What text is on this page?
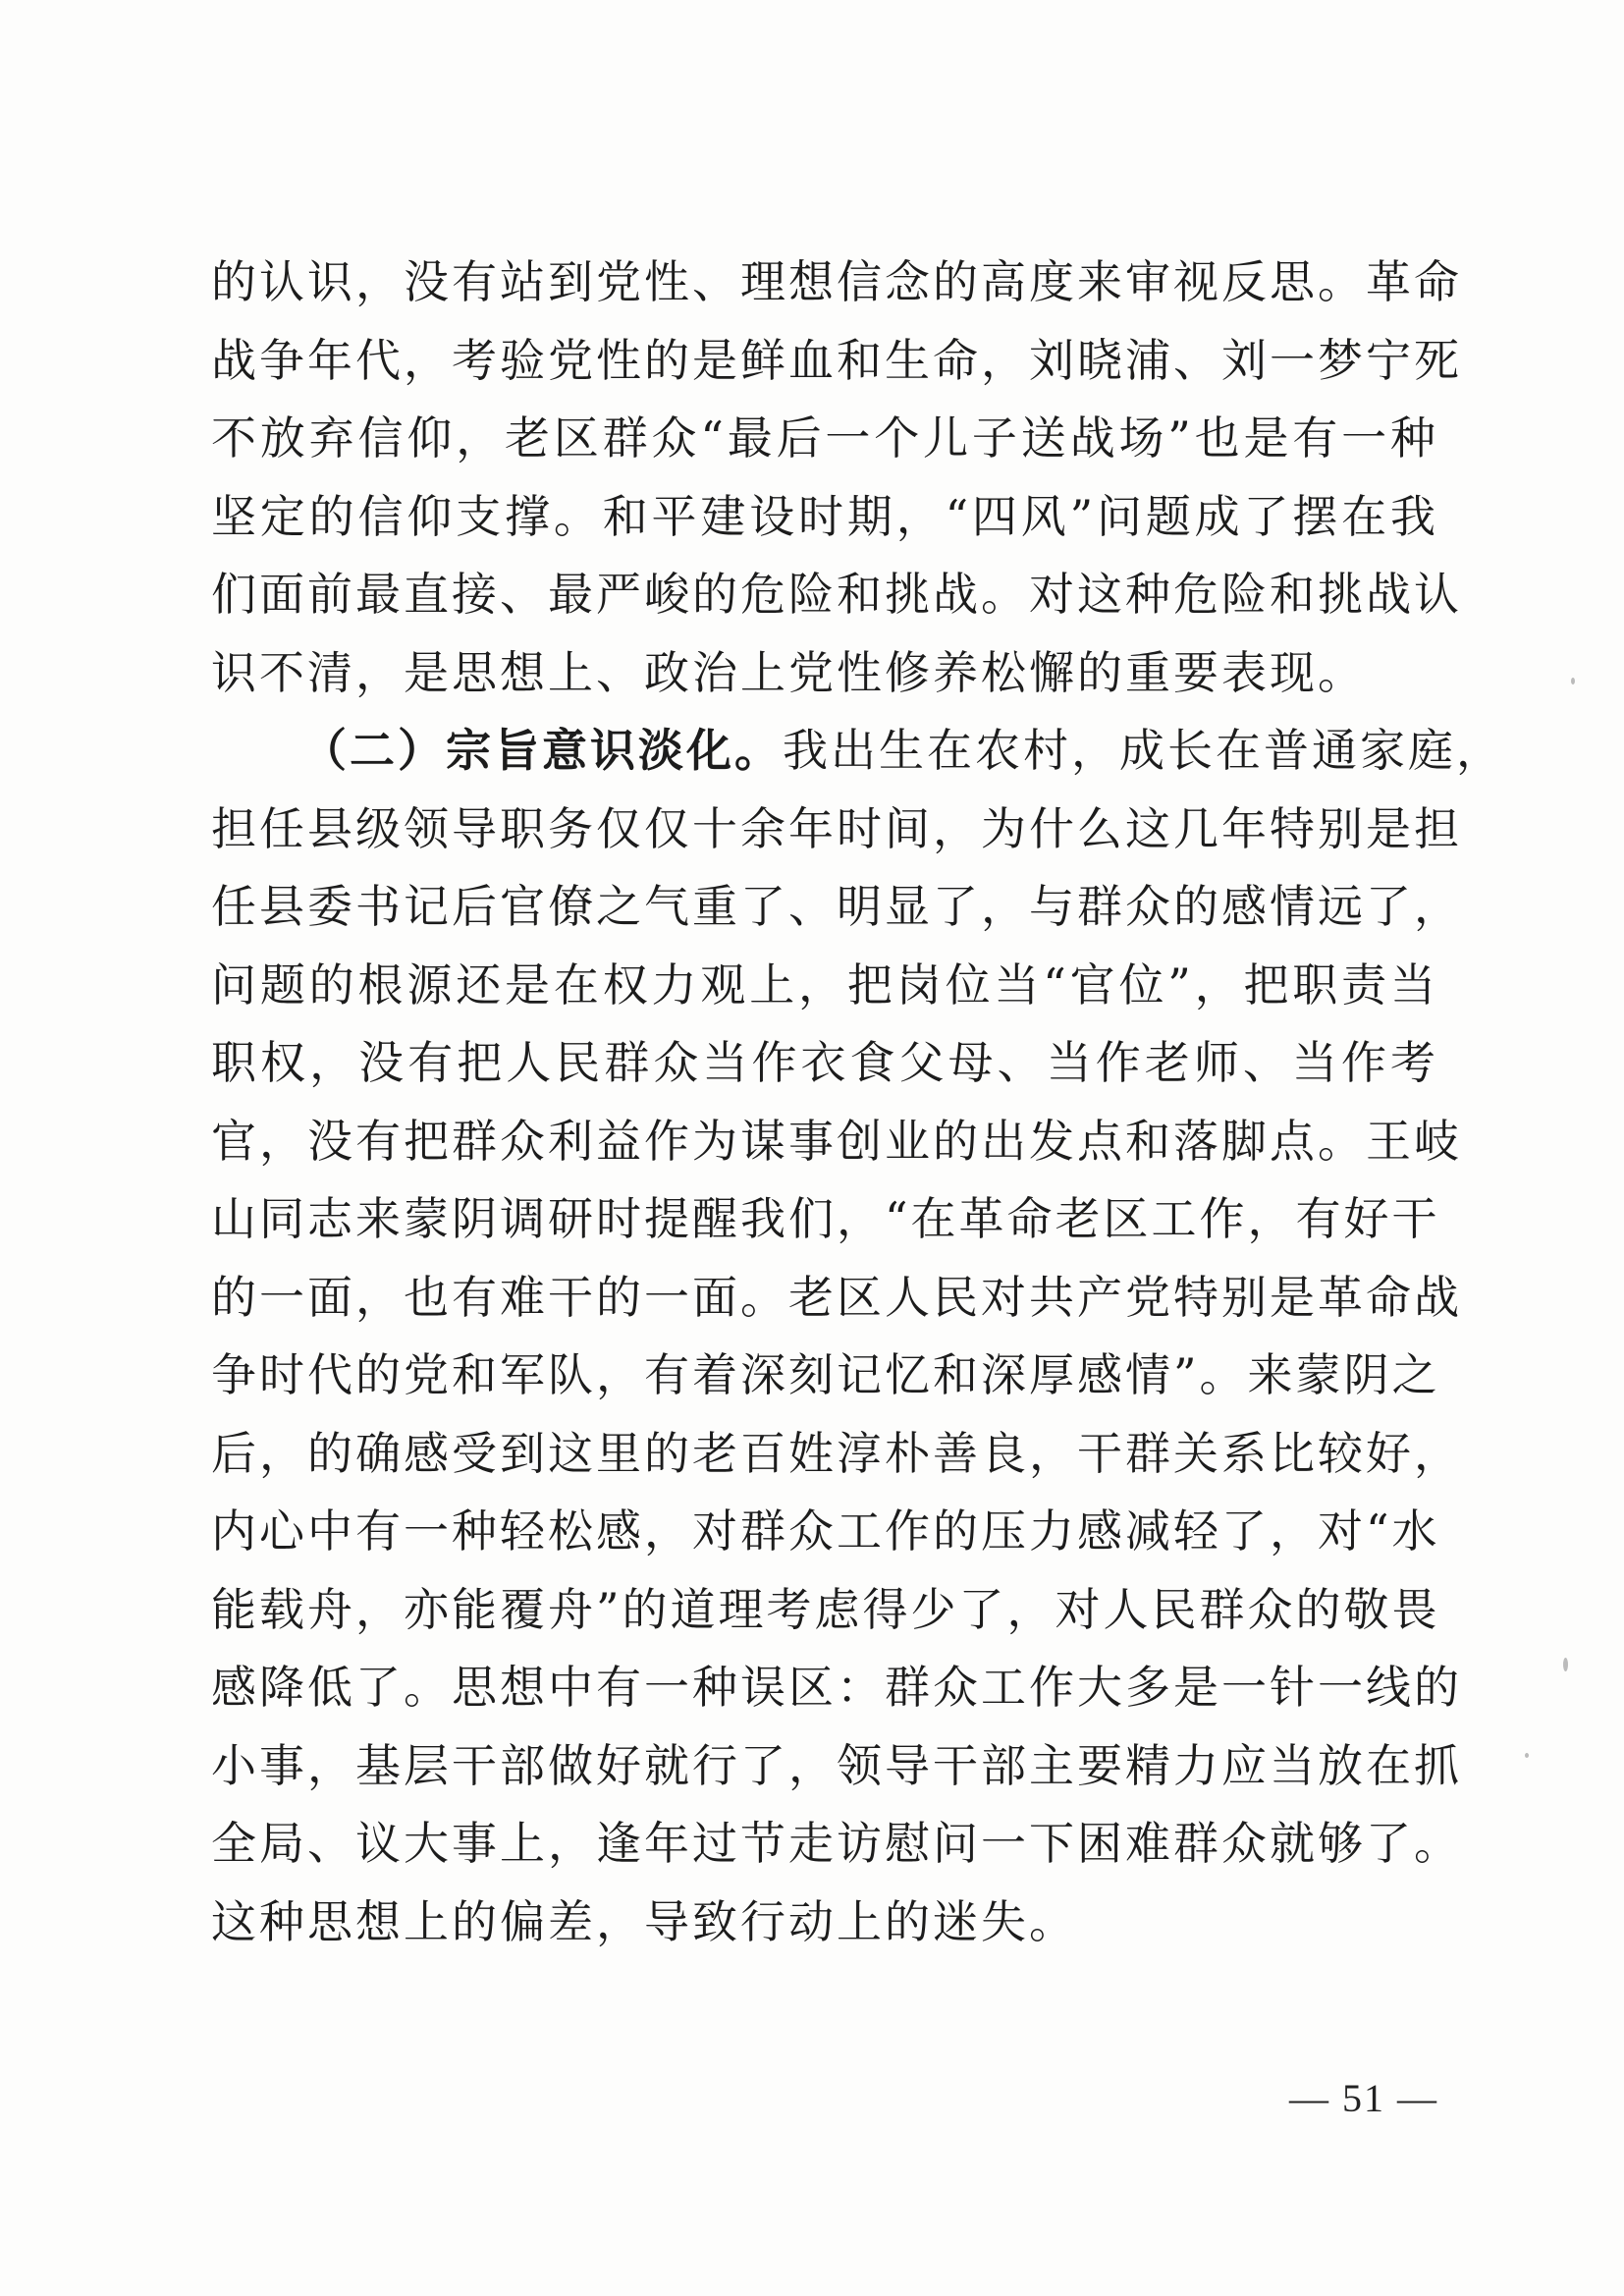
的认识，没有站到党性、理想信念的高度来审视反思。革命
战争年代，考验党性的是鲜血和生命，刘晓浦、刘一梦宁死
不放弃信仰，老区群众“最后一个儿子送战场”也是有一种
坚定的信仰支撑。和平建设时期，“四风”问题成了摆在我
们面前最直接、最严峻的危险和挑战。对这种危险和挑战认
识不清，是思想上、政治上党性修养松懈的重要表现。
（二）宗旨意识淡化。我出生在农村，成长在普通家庭，
担任县级领导职务仅仅十余年时间，为什么这几年特别是担
任县委书记后官僚之气重了、明显了，与群众的感情远了，
问题的根源还是在权力观上，把岗位当“官位”，把职责当
职权，没有把人民群众当作衣食父母、当作老师、当作考
官，没有把群众利益作为谋事创业的出发点和落脚点。王岐
山同志来蒙阴调研时提醒我们，“在革命老区工作，有好干
的一面，也有难干的一面。老区人民对共产党特别是革命战
争时代的党和军队，有着深刻记忆和深厚感情”。来蒙阴之
后，的确感受到这里的老百姓淳朴善良，干群关系比较好，
内心中有一种轻松感，对群众工作的压力感减轻了，对“水
能载舟，亦能覆舟”的道理考虑得少了，对人民群众的敬畏
感降低了。思想中有一种误区：群众工作大多是一针一线的
小事，基层干部做好就行了，领导干部主要精力应当放在抓
全局、议大事上，逢年过节走访慰问一下困难群众就够了。
这种思想上的偏差，导致行动上的迷失。
— 51 —
